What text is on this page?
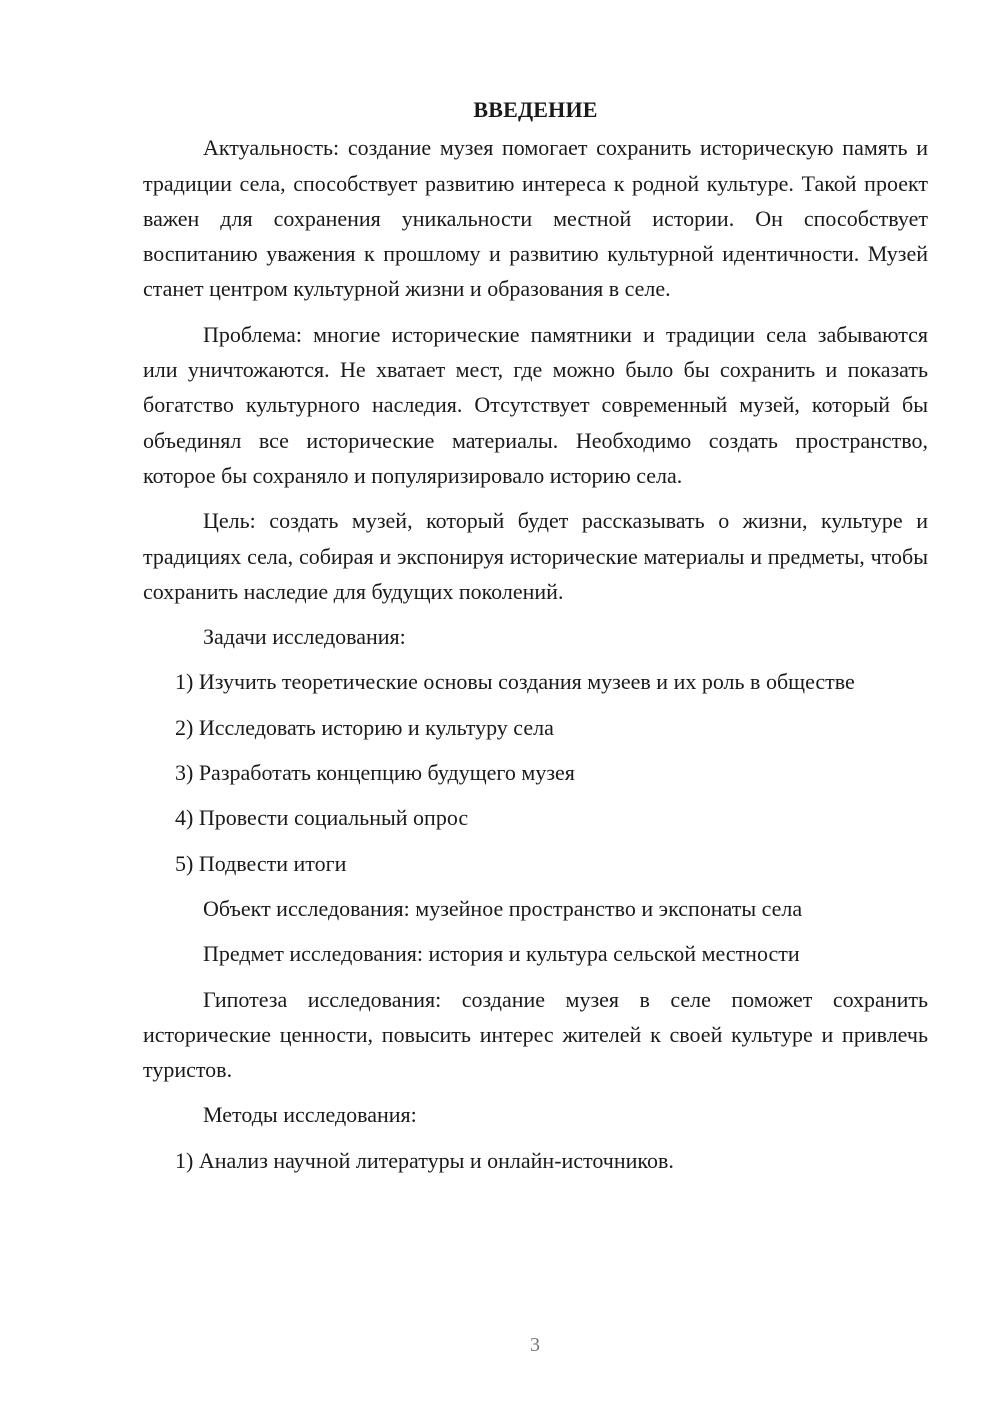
ВВЕДЕНИЕ

Актуальность: создание музея помогает сохранить историческую память и традиции села, способствует развитию интереса к родной культуре. Такой проект важен для сохранения уникальности местной истории. Он способствует воспитанию уважения к прошлому и развитию культурной идентичности. Музей станет центром культурной жизни и образования в селе.

Проблема: многие исторические памятники и традиции села забываются или уничтожаются. Не хватает мест, где можно было бы сохранить и показать богатство культурного наследия. Отсутствует современный музей, который бы объединял все исторические материалы. Необходимо создать пространство, которое бы сохраняло и популяризировало историю села.

Цель: создать музей, который будет рассказывать о жизни, культуре и традициях села, собирая и экспонируя исторические материалы и предметы, чтобы сохранить наследие для будущих поколений.

Задачи исследования:

1) Изучить теоретические основы создания музеев и их роль в обществе

2) Исследовать историю и культуру села

3) Разработать концепцию будущего музея

4) Провести социальный опрос

5) Подвести итоги

Объект исследования: музейное пространство и экспонаты села

Предмет исследования: история и культура сельской местности

Гипотеза исследования: создание музея в селе поможет сохранить исторические ценности, повысить интерес жителей к своей культуре и привлечь туристов.

Методы исследования:

1) Анализ научной литературы и онлайн-источников.

3
